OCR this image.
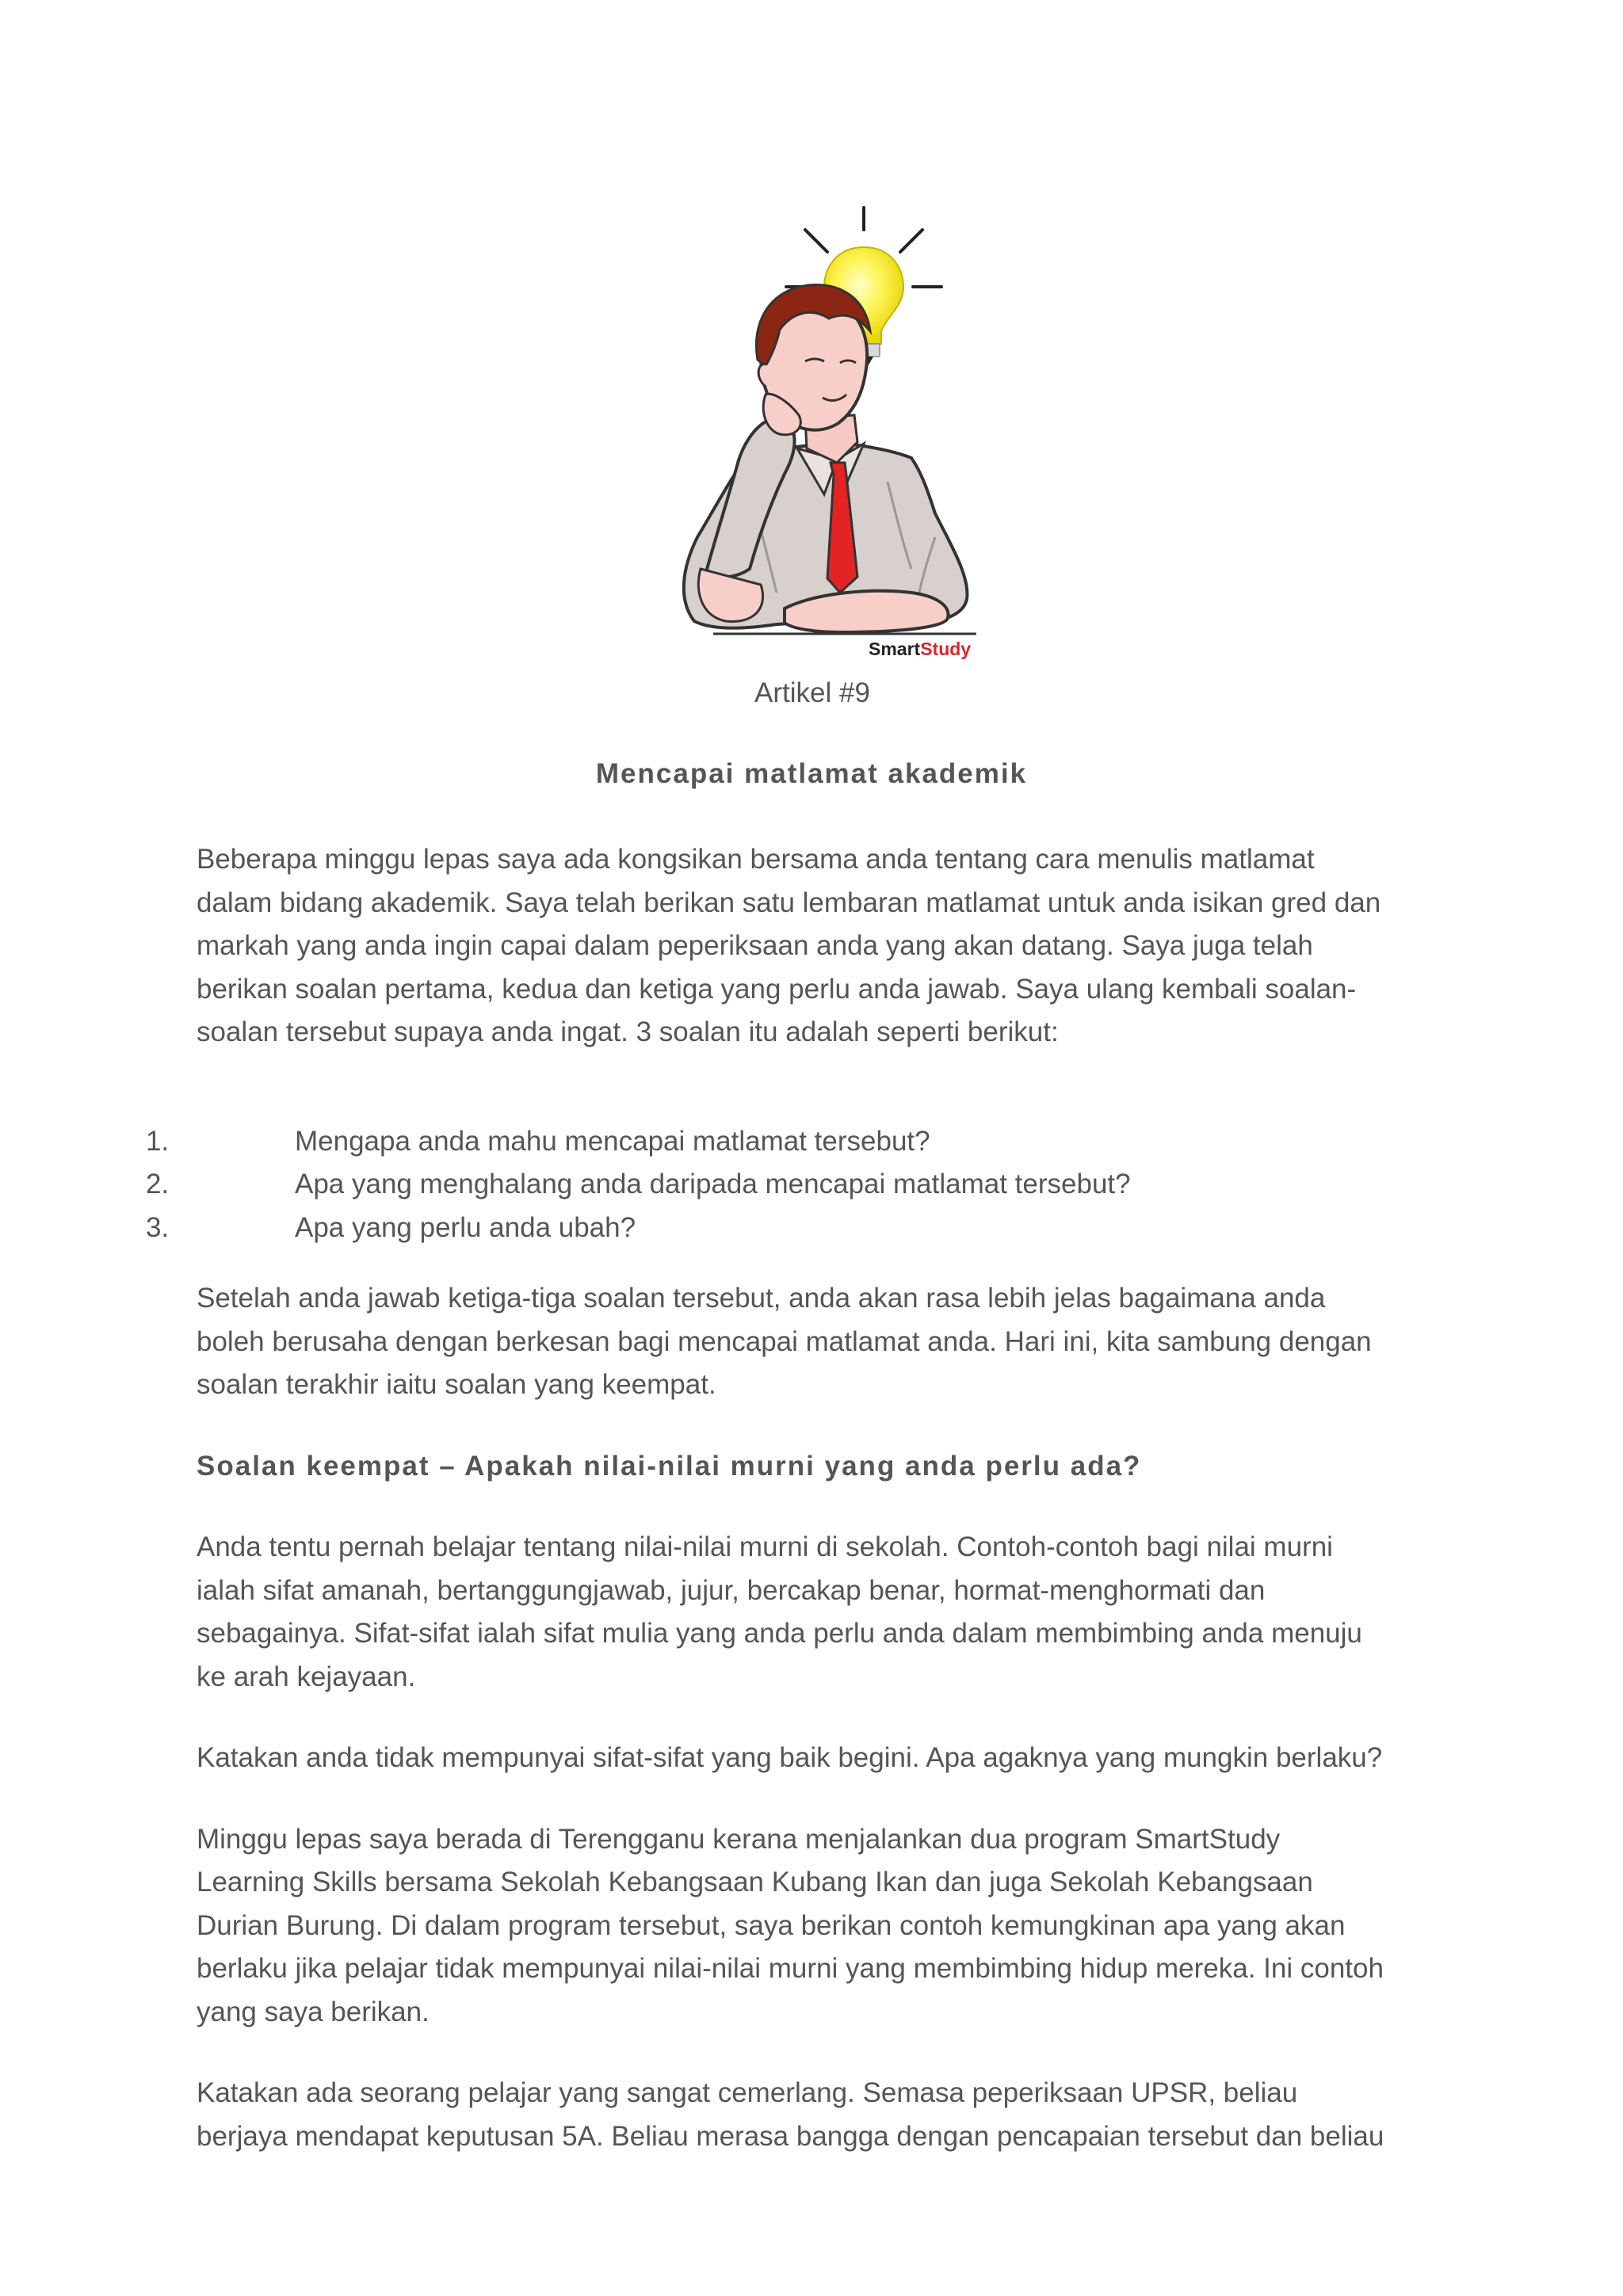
SmartStudy
Artikel #9
Mencapai matlamat akademik

Beberapa minggu lepas saya ada kongsikan bersama anda tentang cara menulis matlamat
dalam bidang akademik. Saya telah berikan satu lembaran matlamat untuk anda isikan gred dan
markah yang anda ingin capai dalam peperiksaan anda yang akan datang. Saya juga telah
berikan soalan pertama, kedua dan ketiga yang perlu anda jawab. Saya ulang kembali soalan-
soalan tersebut supaya anda ingat. 3 soalan itu adalah seperti berikut:

1.	Mengapa anda mahu mencapai matlamat tersebut?
2.	Apa yang menghalang anda daripada mencapai matlamat tersebut?
3.	Apa yang perlu anda ubah?

Setelah anda jawab ketiga-tiga soalan tersebut, anda akan rasa lebih jelas bagaimana anda
boleh berusaha dengan berkesan bagi mencapai matlamat anda. Hari ini, kita sambung dengan
soalan terakhir iaitu soalan yang keempat.

Soalan keempat – Apakah nilai-nilai murni yang anda perlu ada?

Anda tentu pernah belajar tentang nilai-nilai murni di sekolah. Contoh-contoh bagi nilai murni
ialah sifat amanah, bertanggungjawab, jujur, bercakap benar, hormat-menghormati dan
sebagainya. Sifat-sifat ialah sifat mulia yang anda perlu anda dalam membimbing anda menuju
ke arah kejayaan.

Katakan anda tidak mempunyai sifat-sifat yang baik begini. Apa agaknya yang mungkin berlaku?

Minggu lepas saya berada di Terengganu kerana menjalankan dua program SmartStudy
Learning Skills bersama Sekolah Kebangsaan Kubang Ikan dan juga Sekolah Kebangsaan
Durian Burung. Di dalam program tersebut, saya berikan contoh kemungkinan apa yang akan
berlaku jika pelajar tidak mempunyai nilai-nilai murni yang membimbing hidup mereka. Ini contoh
yang saya berikan.

Katakan ada seorang pelajar yang sangat cemerlang. Semasa peperiksaan UPSR, beliau
berjaya mendapat keputusan 5A. Beliau merasa bangga dengan pencapaian tersebut dan beliau
